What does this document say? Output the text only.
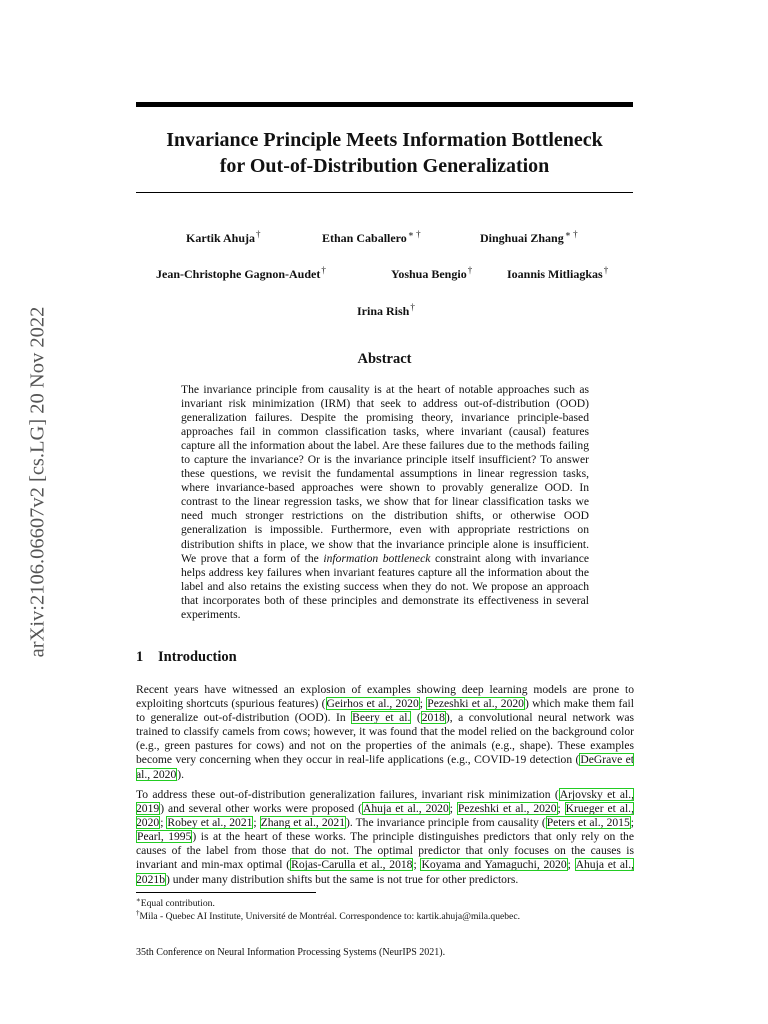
arXiv:2106.06607v2 [cs.LG] 20 Nov 2022
Invariance Principle Meets Information Bottleneck
for Out-of-Distribution Generalization
Kartik Ahuja†	Ethan Caballero∗ †	Dinghuai Zhang∗ †
Jean-Christophe Gagnon-Audet†	Yoshua Bengio†	Ioannis Mitliagkas†
Irina Rish†
Abstract
The invariance principle from causality is at the heart of notable approaches such as invariant risk minimization (IRM) that seek to address out-of-distribution (OOD) generalization failures. Despite the promising theory, invariance principle-based approaches fail in common classification tasks, where invariant (causal) features capture all the information about the label. Are these failures due to the methods failing to capture the invariance? Or is the invariance principle itself insufficient? To answer these questions, we revisit the fundamental assumptions in linear regression tasks, where invariance-based approaches were shown to provably generalize OOD. In contrast to the linear regression tasks, we show that for linear classification tasks we need much stronger restrictions on the distribution shifts, or otherwise OOD generalization is impossible. Furthermore, even with appropriate restrictions on distribution shifts in place, we show that the invariance principle alone is insufficient. We prove that a form of the information bottleneck constraint along with invariance helps address key failures when invariant features capture all the information about the label and also retains the existing success when they do not. We propose an approach that incorporates both of these principles and demonstrate its effectiveness in several experiments.
1 Introduction
Recent years have witnessed an explosion of examples showing deep learning models are prone to exploiting shortcuts (spurious features) (Geirhos et al., 2020; Pezeshki et al., 2020) which make them fail to generalize out-of-distribution (OOD). In Beery et al. (2018), a convolutional neural network was trained to classify camels from cows; however, it was found that the model relied on the background color (e.g., green pastures for cows) and not on the properties of the animals (e.g., shape). These examples become very concerning when they occur in real-life applications (e.g., COVID-19 detection (DeGrave et al., 2020).
To address these out-of-distribution generalization failures, invariant risk minimization (Arjovsky et al., 2019) and several other works were proposed (Ahuja et al., 2020; Pezeshki et al., 2020; Krueger et al., 2020; Robey et al., 2021; Zhang et al., 2021). The invariance principle from causality (Peters et al., 2015; Pearl, 1995) is at the heart of these works. The principle distinguishes predictors that only rely on the causes of the label from those that do not. The optimal predictor that only focuses on the causes is invariant and min-max optimal (Rojas-Carulla et al., 2018; Koyama and Yamaguchi, 2020; Ahuja et al., 2021b) under many distribution shifts but the same is not true for other predictors.
∗Equal contribution.
†Mila - Quebec AI Institute, Université de Montréal. Correspondence to: kartik.ahuja@mila.quebec.
35th Conference on Neural Information Processing Systems (NeurIPS 2021).
